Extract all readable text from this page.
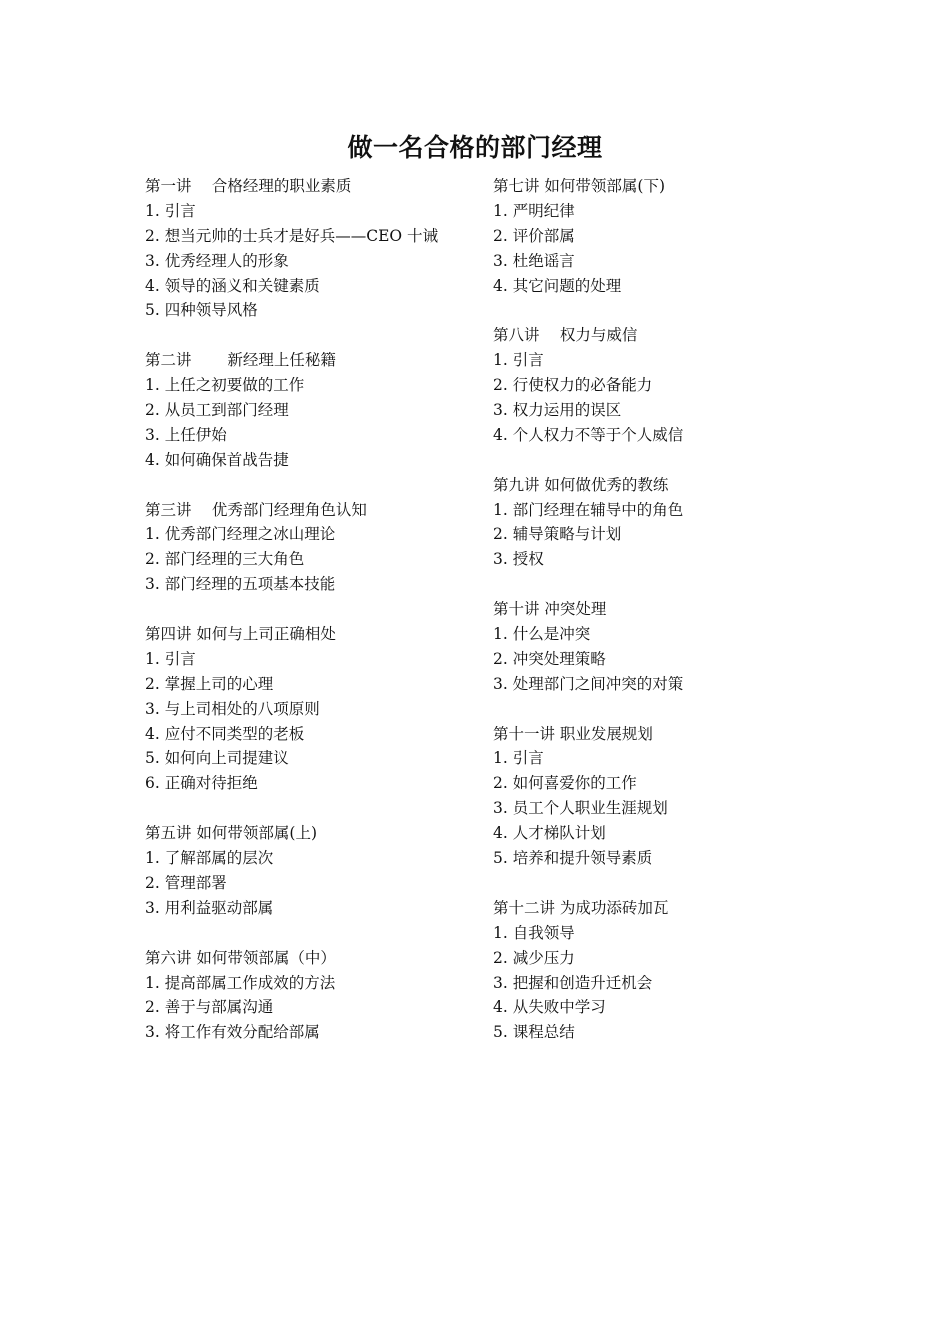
做一名合格的部门经理

第一讲　 合格经理的职业素质

1. 引言

2. 想当元帅的士兵才是好兵——CEO 十诫

3. 优秀经理人的形象

4. 领导的涵义和关键素质

5. 四种领导风格

第二讲　　 新经理上任秘籍

1. 上任之初要做的工作

2. 从员工到部门经理

3. 上任伊始

4. 如何确保首战告捷

第三讲　 优秀部门经理角色认知

1. 优秀部门经理之冰山理论

2. 部门经理的三大角色

3. 部门经理的五项基本技能

第四讲 如何与上司正确相处

1. 引言

2. 掌握上司的心理

3. 与上司相处的八项原则

4. 应付不同类型的老板

5. 如何向上司提建议

6. 正确对待拒绝

第五讲 如何带领部属(上)

1. 了解部属的层次

2. 管理部署

3. 用利益驱动部属

第六讲 如何带领部属（中）

1. 提高部属工作成效的方法

2. 善于与部属沟通

3. 将工作有效分配给部属

第七讲 如何带领部属(下)

1. 严明纪律

2. 评价部属

3. 杜绝谣言

4. 其它问题的处理

第八讲　 权力与威信

1. 引言

2. 行使权力的必备能力

3. 权力运用的误区

4. 个人权力不等于个人威信

第九讲 如何做优秀的教练

1. 部门经理在辅导中的角色

2. 辅导策略与计划

3. 授权

第十讲 冲突处理

1. 什么是冲突

2. 冲突处理策略

3. 处理部门之间冲突的对策

第十一讲 职业发展规划

1. 引言

2. 如何喜爱你的工作

3. 员工个人职业生涯规划

4. 人才梯队计划

5. 培养和提升领导素质

第十二讲 为成功添砖加瓦

1. 自我领导

2. 减少压力

3. 把握和创造升迁机会

4. 从失败中学习

5. 课程总结
